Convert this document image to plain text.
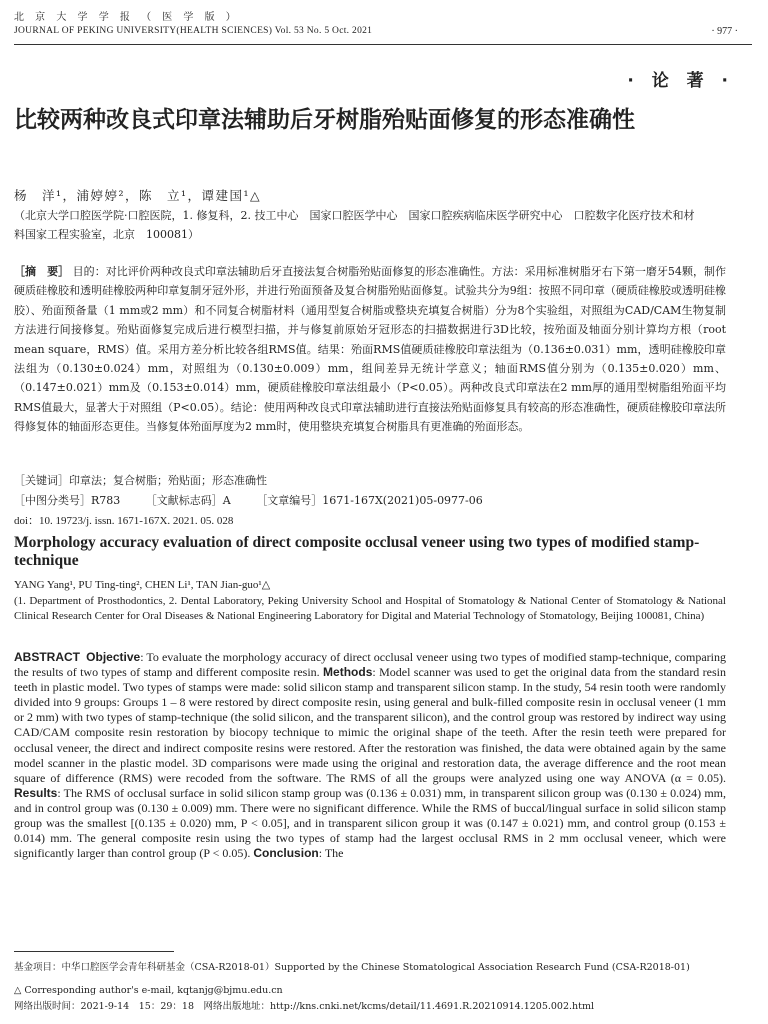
北 京 大 学 学 报 （ 医 学 版 ）
JOURNAL OF PEKING UNIVERSITY(HEALTH SCIENCES) Vol. 53 No. 5 Oct. 2021	· 977 ·
· 论 著 ·
比较两种改良式印章法辅助后牙树脂殆贴面修复的形态准确性
杨　洋¹，浦婷婷²，陈　立¹，谭建国¹△
（北京大学口腔医学院·口腔医院，1. 修复科，2. 技工中心　国家口腔医学中心　国家口腔疾病临床医学研究中心　口腔数字化医疗技术和材料国家工程实验室，北京　100081）
［摘　要］ 目的：对比评价两种改良式印章法辅助后牙直接法复合树脂殆贴面修复的形态准确性。方法：采用标准树脂牙右下第一磨牙54颗，制作硬质硅橡胶和透明硅橡胶两种印章复制牙冠外形，并进行殆面预备及复合树脂殆贴面修复。试验共分为9组：按照不同印章（硬质硅橡胶或透明硅橡胶）、殆面预备量（1 mm或2 mm）和不同复合树脂材料（通用型复合树脂或整块充填复合树脂）分为8个实验组，对照组为CAD/CAM生物复制方法进行间接修复。殆贴面修复完成后进行模型扫描，并与修复前原始牙冠形态的扫描数据进行3D比较，按殆面及轴面分别计算均方根（root mean square，RMS）值。采用方差分析比较各组RMS值。结果：殆面RMS值硬质硅橡胶印章法组为（0.136±0.031）mm，透明硅橡胶印章法组为（0.130±0.024）mm，对照组为（0.130±0.009）mm，组间差异无统计学意义；轴面RMS值分别为（0.135±0.020）mm、（0.147±0.021）mm及（0.153±0.014）mm，硬质硅橡胶印章法组最小（P<0.05）。两种改良式印章法在2 mm厚的通用型树脂组殆面平均RMS值最大，显著大于对照组（P<0.05）。结论：使用两种改良式印章法辅助进行直接法殆贴面修复具有较高的形态准确性，硬质硅橡胶印章法所得修复体的轴面形态更佳。当修复体殆面厚度为2 mm时，使用整块充填复合树脂具有更准确的殆面形态。
［关键词］印章法；复合树脂；殆贴面；形态准确性
［中图分类号］R783 ［文献标志码］A ［文章编号］1671-167X(2021)05-0977-06
doi：10. 19723/j. issn. 1671-167X. 2021. 05. 028
Morphology accuracy evaluation of direct composite occlusal veneer using two types of modified stamp-technique
YANG Yang¹, PU Ting-ting², CHEN Li¹, TAN Jian-guo¹△
(1. Department of Prosthodontics, 2. Dental Laboratory, Peking University School and Hospital of Stomatology & National Center of Stomatology & National Clinical Research Center for Oral Diseases & National Engineering Laboratory for Digital and Material Technology of Stomatology, Beijing 100081, China)
ABSTRACT Objective: To evaluate the morphology accuracy of direct occlusal veneer using two types of modified stamp-technique, comparing the results of two types of stamp and different composite resin. Methods: Model scanner was used to get the original data from the standard resin teeth in plastic model. Two types of stamps were made: solid silicon stamp and transparent silicon stamp. In the study, 54 resin tooth were randomly divided into 9 groups: Groups 1 – 8 were restored by direct composite resin, using general and bulk-filled composite resin in occlusal veneer (1 mm or 2 mm) with two types of stamp-technique (the solid silicon, and the transparent silicon), and the control group was restored by indirect way using CAD/CAM composite resin restoration by biocopy technique to mimic the original shape of the teeth. After the resin teeth were prepared for occlusal veneer, the direct and indirect composite resins were restored. After the restoration was finished, the data were obtained again by the same model scanner in the plastic model. 3D comparisons were made using the original and restoration data, the average difference and the root mean square of difference (RMS) were recoded from the software. The RMS of all the groups were analyzed using one way ANOVA (α = 0.05). Results: The RMS of occlusal surface in solid silicon stamp group was (0.136 ± 0.031) mm, in transparent silicon group was (0.130 ± 0.024) mm, and in control group was (0.130 ± 0.009) mm. There were no significant difference. While the RMS of buccal/lingual surface in solid silicon stamp group was the smallest [(0.135 ± 0.020) mm, P < 0.05], and in transparent silicon group it was (0.147 ± 0.021) mm, and control group (0.153 ± 0.014) mm. The general composite resin using the two types of stamp had the largest occlusal RMS in 2 mm occlusal veneer, which were significantly larger than control group (P < 0.05). Conclusion: The
基金项目：中华口腔医学会青年科研基金（CSA-R2018-01）Supported by the Chinese Stomatological Association Research Fund (CSA-R2018-01)
△ Corresponding author's e-mail, kqtanjg@bjmu.edu.cn
网络出版时间：2021-9-14　15：29：18　网络出版地址：http://kns.cnki.net/kcms/detail/11.4691.R.20210914.1205.002.html
